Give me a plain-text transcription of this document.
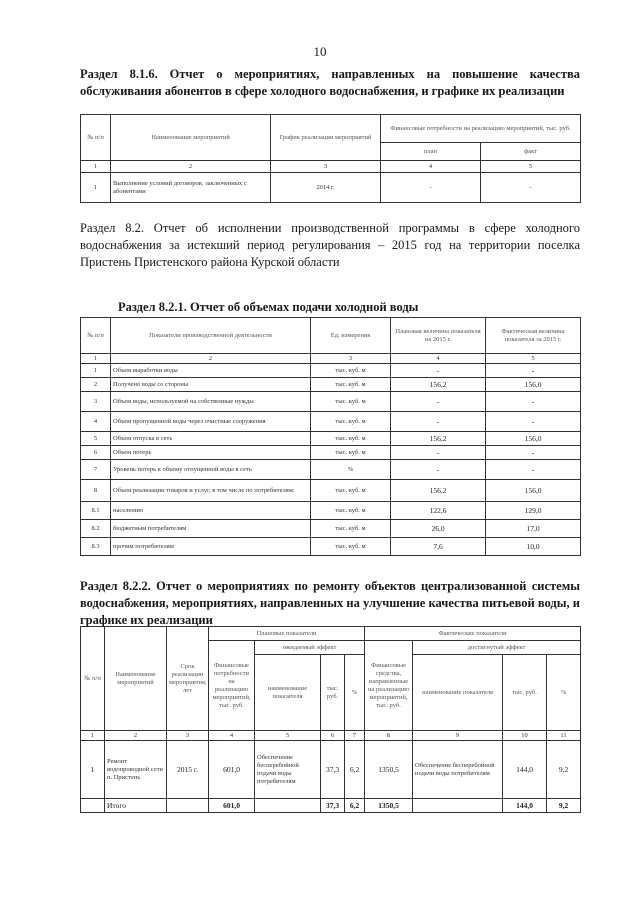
10
Раздел 8.1.6. Отчет о мероприятиях, направленных на повышение качества обслуживания абонентов в сфере холодного водоснабжения, и графике их реализации
№ п/п	Наименование мероприятий	График реализации мероприятий	Финансовые потребности на реализацию мероприятий, тыс. руб.	
			план	факт
1	2	3	4	5
1	Выполнение условий договоров, заключенных с абонентами	2014 г.	-	-
Раздел 8.2. Отчет об исполнении производственной программы в сфере холодного водоснабжения за истекший период регулирования – 2015 год на территории поселка Пристень Пристенского района Курской области
Раздел 8.2.1. Отчет об объемах подачи холодной воды
№ п/п	Показатели производственной деятельности	Ед. измерения	Плановая величина показателя на 2015 г.	Фактическая величина показателя за 2015 г.
1	2	3	4	5
1	Объем выработки воды	тыс. куб. м	-	-
2	Получено воды со стороны	тыс. куб. м	156,2	156,0
3	Объем воды, используемой на собственные нужды	тыс. куб. м	-	-
4	Объем пропущенной воды через очистные сооружения	тыс. куб. м	-	-
5	Объем отпуска в сеть	тыс. куб. м	156,2	156,0
6	Объем потерь	тыс. куб. м	-	-
7	Уровень потерь к объему отпущенной воды в сеть	%	-	-
8	Объем реализации товаров и услуг, в том числе по потребителям:	тыс. куб. м	156,2	156,0
8.1	населению	тыс. куб. м	122,6	129,0
8.2	бюджетным потребителям	тыс. куб. м	26,0	17,0
8.3	прочим потребителям	тыс. куб. м	7,6	10,0
Раздел 8.2.2. Отчет о мероприятиях по ремонту объектов централизованной системы водоснабжения, мероприятиях, направленных на улучшение качества питьевой воды, и графике их реализации
№ п/п	Наименование мероприятий	Срок реализации мероприятия, лет	Плановые показатели				Фактические показатели			
			Финансовые потребности на реализацию мероприятий, тыс. руб.	ожидаемый эффект			Финансовые средства, направленные на реализацию мероприятий, тыс. руб.	достигнутый эффект		
				наименование показателя	тыс. руб.	%		наименование показателя	тыс. руб.	%
1	2	3	4	5	6	7	8	9	10	11
1	Ремонт водопроводной сети п. Пристень	2015 г.	601,0	Обеспечение бесперебойной подачи воды потребителям	37,3	6,2	1350,5	Обеспечение бесперебойной подачи воды потребителям	144,0	9,2
	Итого		601,0		37,3	6,2	1350,5		144,0	9,2
